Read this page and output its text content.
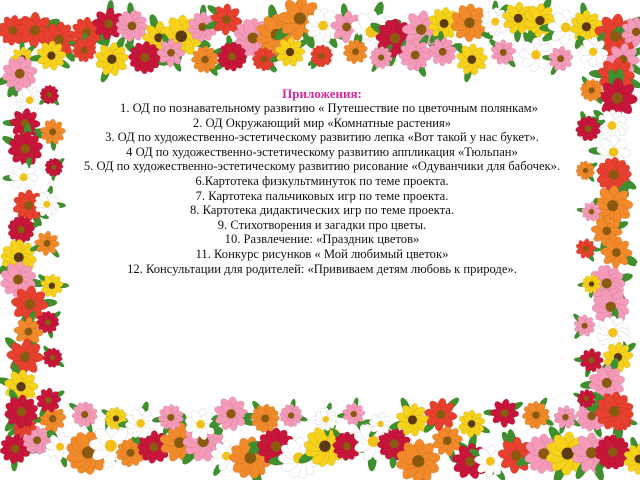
Приложения:
1. ОД по познавательному развитию « Путешествие по цветочным полянкам»
2. ОД Окружающий мир «Комнатные растения»
3. ОД по художественно-эстетическому развитию лепка «Вот такой у нас букет».
4 ОД по художественно-эстетическому развитию аппликация «Тюльпан»
5. ОД по художественно-эстетическому развитию рисование «Одуванчики для бабочек».
6.Картотека физкультминуток по теме проекта.
7. Картотека пальчиковых игр по теме проекта.
8. Картотека дидактических игр по теме проекта.
9. Стихотворения и загадки про цветы.
10. Развлечение: «Праздник цветов»
11. Конкурс рисунков « Мой любимый цветок»
12. Консультации для родителей: «Прививаем детям любовь к природе».
